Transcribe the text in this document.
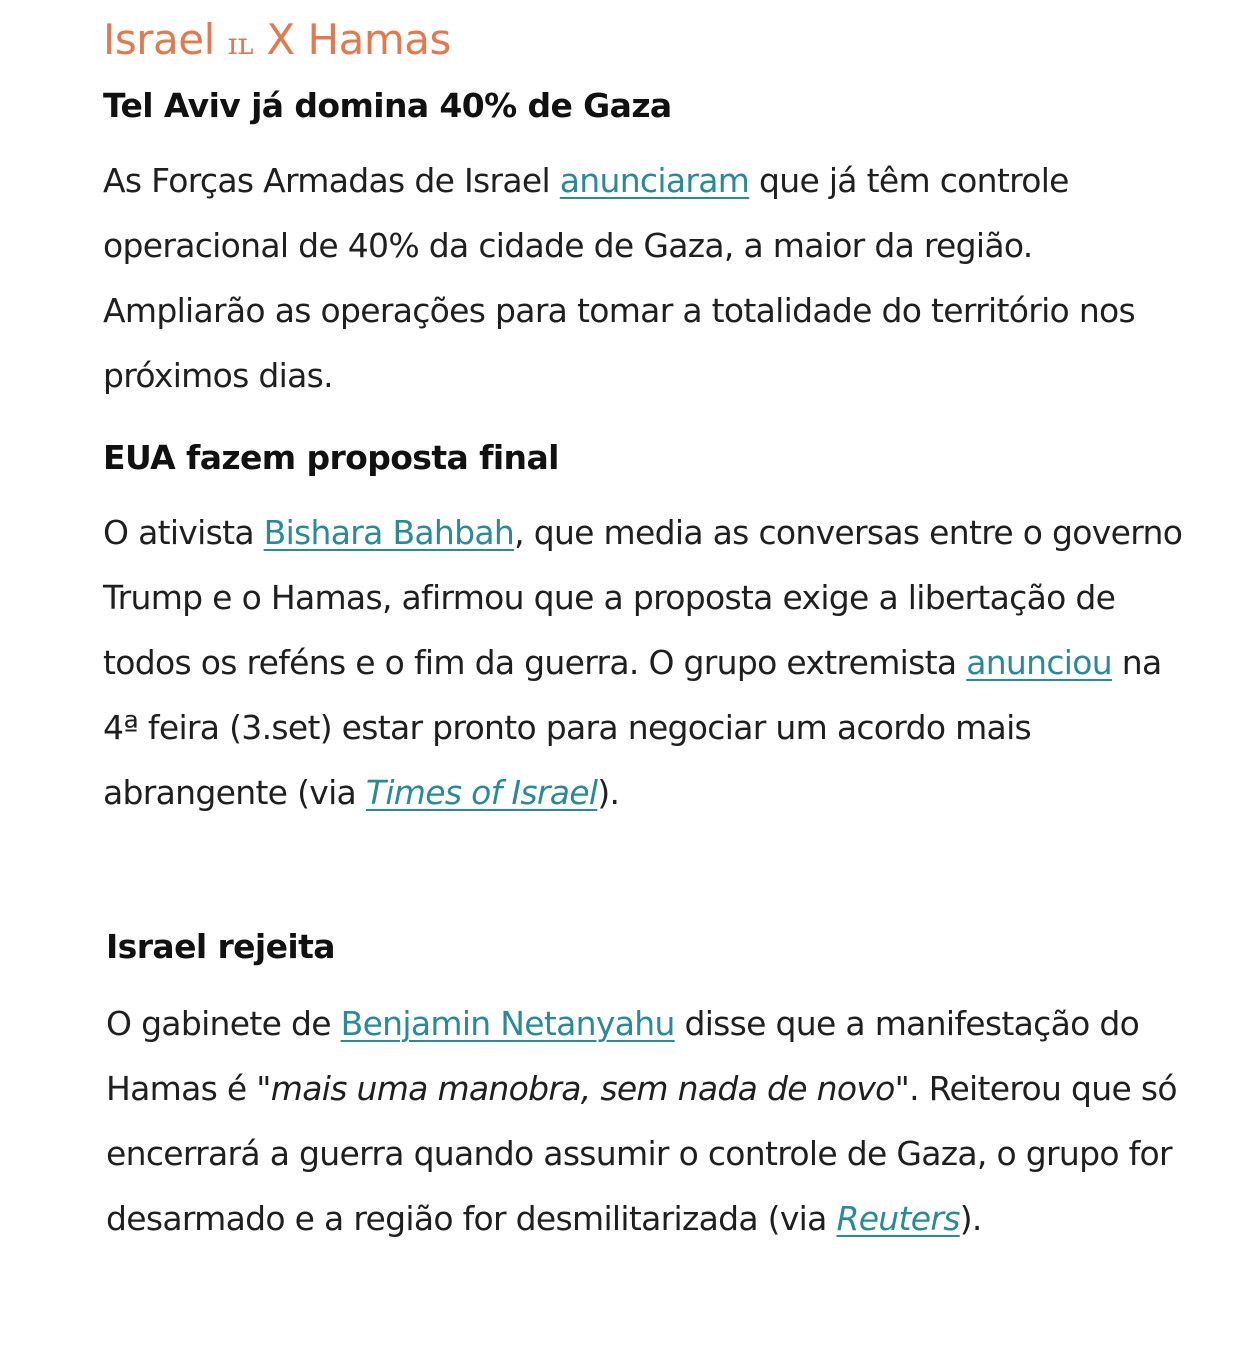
Israel ɪʟ X Hamas
Tel Aviv já domina 40% de Gaza

As Forças Armadas de Israel anunciaram que já têm controle operacional de 40% da cidade de Gaza, a maior da região. Ampliarão as operações para tomar a totalidade do território nos próximos dias.

EUA fazem proposta final

O ativista Bishara Bahbah, que media as conversas entre o governo Trump e o Hamas, afirmou que a proposta exige a libertação de todos os reféns e o fim da guerra. O grupo extremista anunciou na 4ª feira (3.set) estar pronto para negociar um acordo mais abrangente (via Times of Israel).

Israel rejeita

O gabinete de Benjamin Netanyahu disse que a manifestação do Hamas é "mais uma manobra, sem nada de novo". Reiterou que só encerrará a guerra quando assumir o controle de Gaza, o grupo for desarmado e a região for desmilitarizada (via Reuters).
